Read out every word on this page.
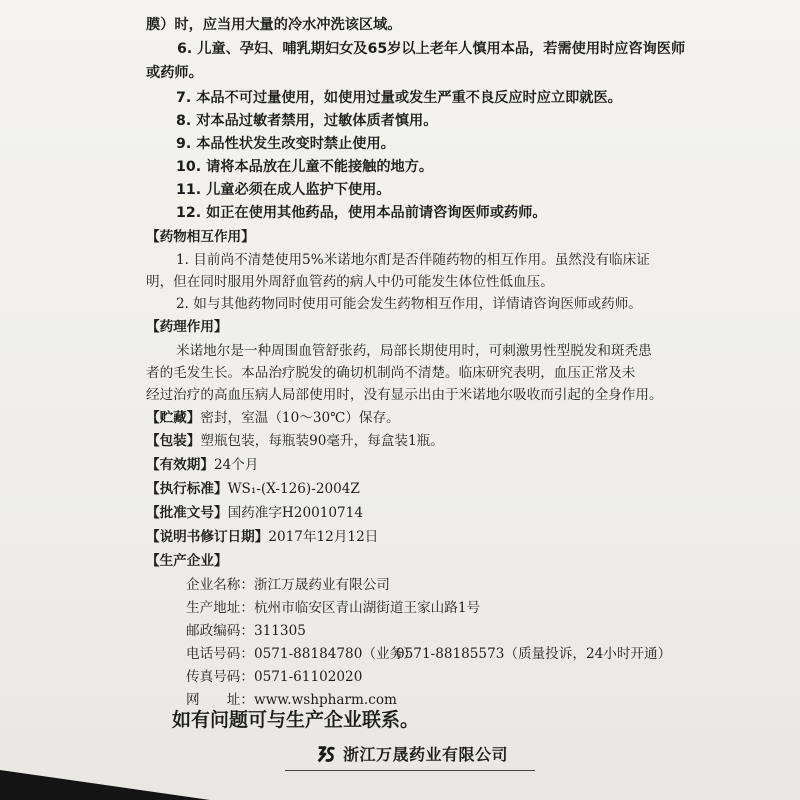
膜）时，应当用大量的冷水冲洗该区域。
6. 儿童、孕妇、哺乳期妇女及65岁以上老年人慎用本品，若需使用时应咨询医师
或药师。
7. 本品不可过量使用，如使用过量或发生严重不良反应时应立即就医。
8. 对本品过敏者禁用，过敏体质者慎用。
9. 本品性状发生改变时禁止使用。
10. 请将本品放在儿童不能接触的地方。
11. 儿童必须在成人监护下使用。
12. 如正在使用其他药品，使用本品前请咨询医师或药师。
【药物相互作用】
1. 目前尚不清楚使用5%米诺地尔酊是否伴随药物的相互作用。虽然没有临床证
明，但在同时服用外周舒血管药的病人中仍可能发生体位性低血压。
2. 如与其他药物同时使用可能会发生药物相互作用，详情请咨询医师或药师。
【药理作用】
米诺地尔是一种周围血管舒张药，局部长期使用时，可刺激男性型脱发和斑秃患
者的毛发生长。本品治疗脱发的确切机制尚不清楚。临床研究表明，血压正常及未
经过治疗的高血压病人局部使用时，没有显示出由于米诺地尔吸收而引起的全身作用。
【贮藏】密封，室温（10～30℃）保存。
【包装】塑瓶包装，每瓶装90毫升，每盒装1瓶。
【有效期】24个月
【执行标准】WS₁-(X-126)-2004Z
【批准文号】国药准字H20010714
【说明书修订日期】2017年12月12日
【生产企业】
企业名称：浙江万晟药业有限公司
生产地址：杭州市临安区青山湖街道王家山路1号
邮政编码：311305
电话号码：0571-88184780（业务）
0571-88185573（质量投诉，24小时开通）
传真号码：0571-61102020
网　　址：www.wshpharm.com
如有问题可与生产企业联系。
浙江万晟药业有限公司
